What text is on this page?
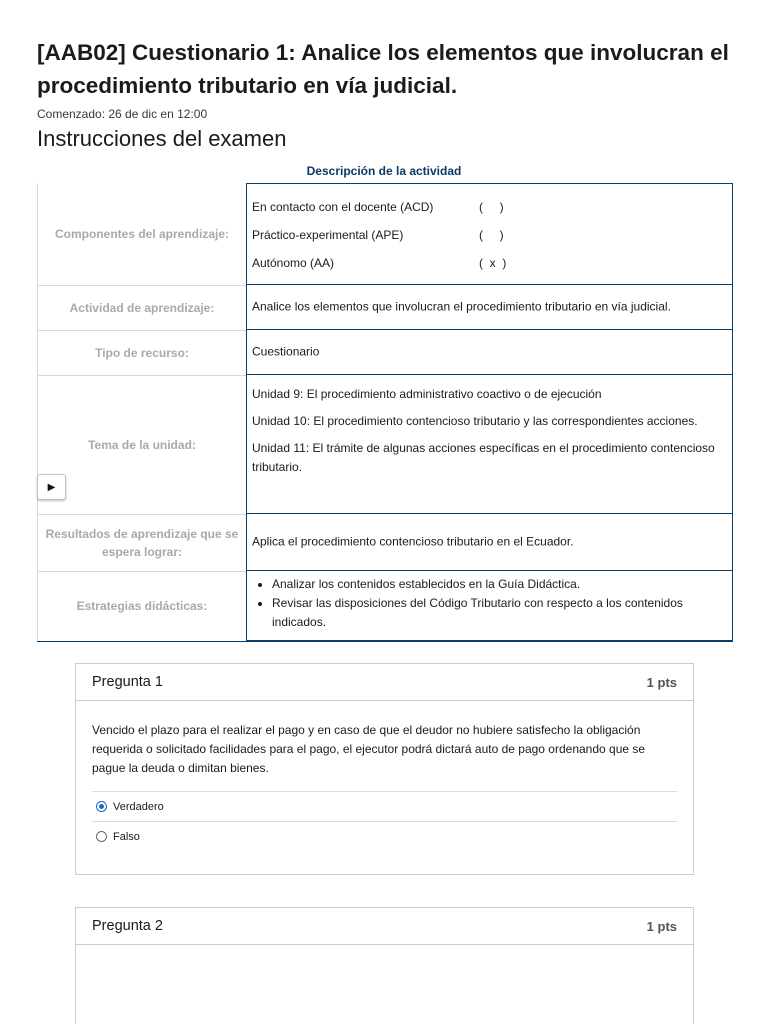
[AAB02] Cuestionario 1: Analice los elementos que involucran el procedimiento tributario en vía judicial.

Comenzado: 26 de dic en 12:00

Instrucciones del examen
Descripción de la actividad
Componentes del aprendizaje:
En contacto con el docente (ACD)	(     )
Práctico-experimental (APE)	(     )
Autónomo (AA)	(  x  )
Actividad de aprendizaje:	Analice los elementos que involucran el procedimiento tributario en vía judicial.
Tipo de recurso:	Cuestionario
Tema de la unidad:

Unidad 9: El procedimiento administrativo coactivo o de ejecución

Unidad 10: El procedimiento contencioso tributario y las correspondientes acciones.

Unidad 11: El trámite de algunas acciones específicas en el procedimiento contencioso tributario.

Resultados de aprendizaje que se espera lograr:
Aplica el procedimiento contencioso tributario en el Ecuador.
Estrategias didácticas:
• Analizar los contenidos establecidos en la Guía Didáctica.
• Revisar las disposiciones del Código Tributario con respecto a los contenidos indicados.
▶
Pregunta 1	1 pts

Vencido el plazo para el realizar el pago y en caso de que el deudor no hubiere satisfecho la obligación requerida o solicitado facilidades para el pago, el ejecutor podrá dictará auto de pago ordenando que se pague la deuda o dimitan bienes.

Verdadero
Falso
Pregunta 2	1 pts
